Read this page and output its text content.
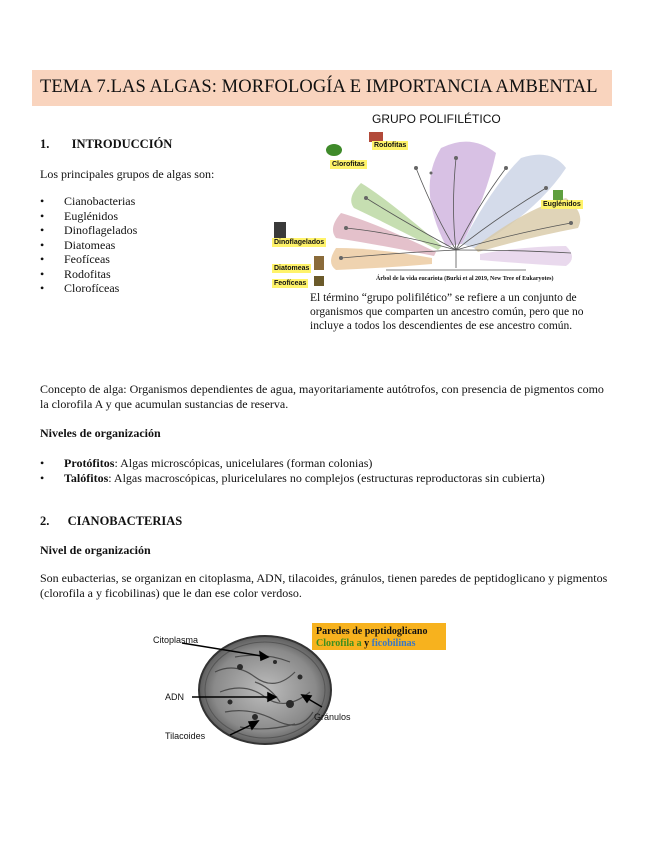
TEMA 7.LAS ALGAS: MORFOLOGÍA E IMPORTANCIA AMBENTAL
1. INTRODUCCIÓN
Los principales grupos de algas son:
• Cianobacterias
• Euglénidos
• Dinoflagelados
• Diatomeas
• Feofíceas
• Rodofitas
• Clorofíceas
GRUPO POLIFILÉTICO
Rodofitas
Clorofitas
Euglénidos
Dinoflagelados
Diatomeas
Feofíceas
Árbol de la vida eucariota (Burki et al 2019, New Tree of Eukaryotes)
El término “grupo polifilético” se refiere a un conjunto de organismos que comparten un ancestro común, pero que no incluye a todos los descendientes de ese ancestro común.
Concepto de alga: Organismos dependientes de agua, mayoritariamente autótrofos, con presencia de pigmentos como la clorofila A y que acumulan sustancias de reserva.
Niveles de organización
• Protófitos: Algas microscópicas, unicelulares (forman colonias)
• Talófitos: Algas macroscópicas, pluricelulares no complejos (estructuras reproductoras sin cubierta)
2. CIANOBACTERIAS
Nivel de organización
Son eubacterias, se organizan en citoplasma, ADN, tilacoides, gránulos, tienen paredes de peptidoglicano y pigmentos (clorofila a y ficobilinas) que le dan ese color verdoso.
Citoplasma
ADN
Gránulos
Tilacoides
Paredes de peptidoglicano
Clorofila a y ficobilinas
